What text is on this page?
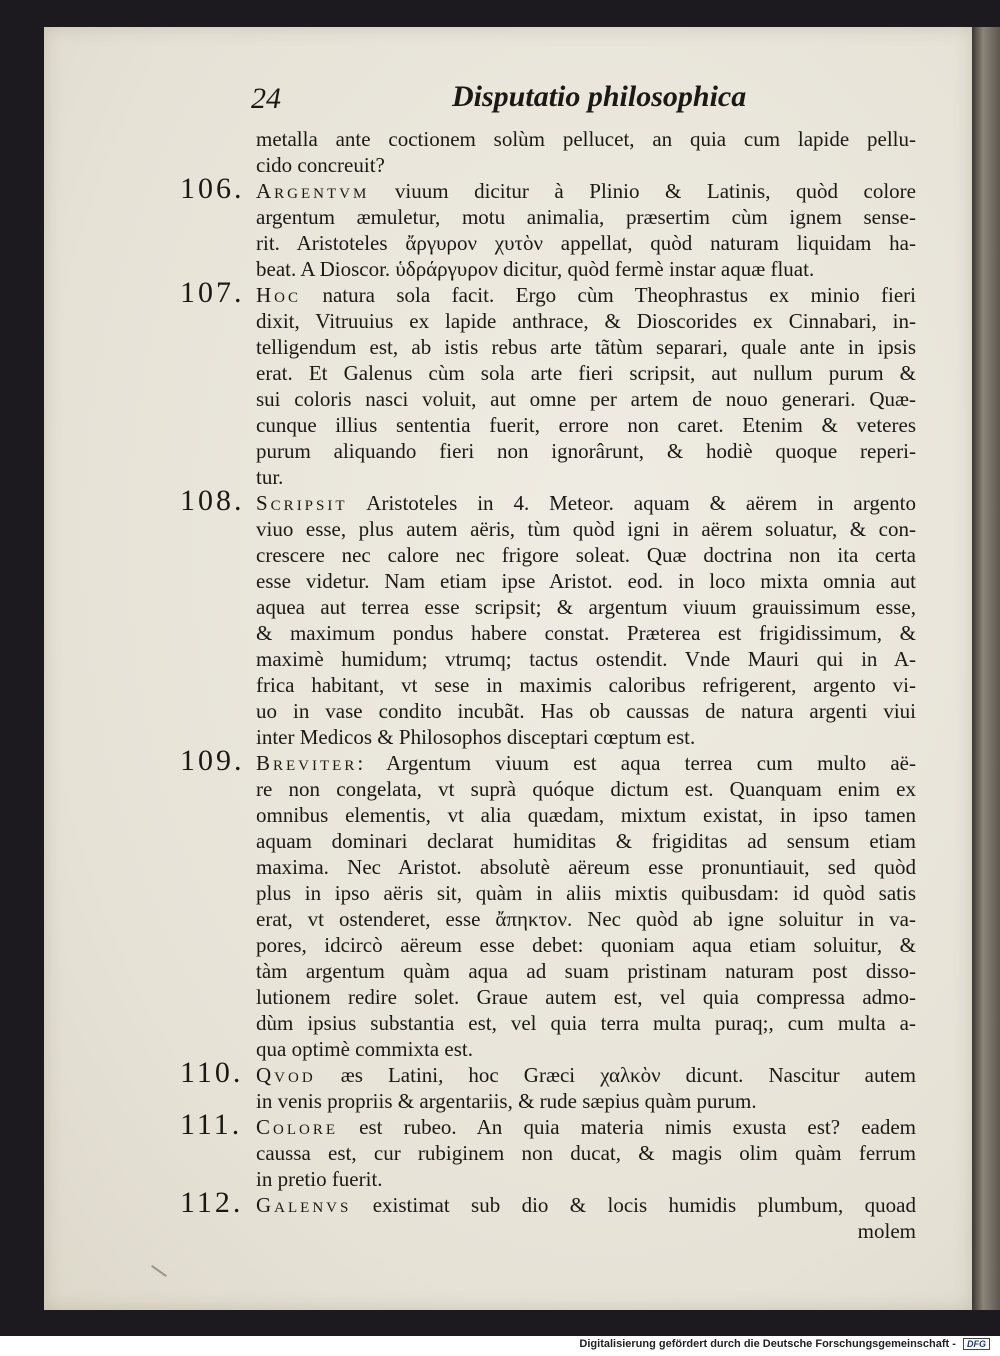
24	Disputatio philosophica
106.
107.
108.
109.
110.
111.
112.
metalla ante coctionem solùm pellucet, an quia cum lapide pellu-
cido concreuit?
Argentvm viuum dicitur à Plinio & Latinis, quòd colore
argentum æmuletur, motu animalia, præsertim cùm ignem sensе-
rit. Aristoteles ἄργυρον χυτὸν appellat, quòd naturam liquidam ha-
beat. A Dioscor. ὑδράργυρον dicitur, quòd fermè instar aquæ fluat.
Hoc natura sola facit. Ergo cùm Theophrastus ex minio fieri
dixit, Vitruuius ex lapide anthrace, & Dioscorides ex Cinnabari, in-
telligendum est, ab istis rebus arte tãtùm separari, quale ante in ipsis
erat. Et Galenus cùm sola arte fieri scripsit, aut nullum purum &
sui coloris nasci voluit, aut omne per artem de nouo generari. Quæ-
cunque illius sententia fuerit, errore non caret. Etenim & veteres
purum aliquando fieri non ignorârunt, & hodiè quoque reperi-
tur.
Scripsit Aristoteles in 4. Meteor. aquam & aërem in argento
viuo esse, plus autem aëris, tùm quòd igni in aërem soluatur, & con-
crescere nec calore nec frigore soleat. Quæ doctrina non ita certa
esse videtur. Nam etiam ipse Aristot. eod. in loco mixta omnia aut
aquea aut terrea esse scripsit; & argentum viuum grauissimum esse,
& maximum pondus habere constat. Præterea est frigidissimum, &
maximè humidum; vtrumq; tactus ostendit. Vnde Mauri qui in A-
frica habitant, vt sese in maximis caloribus refrigerent, argento vi-
uo in vase condito incubãt. Has ob caussas de natura argenti viui
inter Medicos & Philosophos disceptari cœptum est.
Breviter: Argentum viuum est aqua terrea cum multo aë-
re non congelata, vt suprà quóque dictum est. Quanquam enim ex
omnibus elementis, vt alia quædam, mixtum existat, in ipso tamen
aquam dominari declarat humiditas & frigiditas ad sensum etiam
maxima. Nec Aristot. absolutè aëreum esse pronuntiauit, sed quòd
plus in ipso aëris sit, quàm in aliis mixtis quibusdam: id quòd satis
erat, vt ostenderet, esse ἄπηκτον. Nec quòd ab igne soluitur in va-
pores, idcircò aëreum esse debet: quoniam aqua etiam soluitur, &
tàm argentum quàm aqua ad suam pristinam naturam post disso-
lutionem redire solet. Graue autem est, vel quia compressa admo-
dùm ipsius substantia est, vel quia terra multa puraq;, cum multa a-
qua optimè commixta est.
Qvod æs Latini, hoc Græci χαλκὸν dicunt. Nascitur autem
in venis propriis & argentariis, & rude sæpius quàm purum.
Colore est rubeo. An quia materia nimis exusta est? eadem
caussa est, cur rubiginem non ducat, & magis olim quàm ferrum
in pretio fuerit.
Galenvs existimat sub dio & locis humidis plumbum, quoad
molem
Digitalisierung gefördert durch die Deutsche Forschungsgemeinschaft - DFG
